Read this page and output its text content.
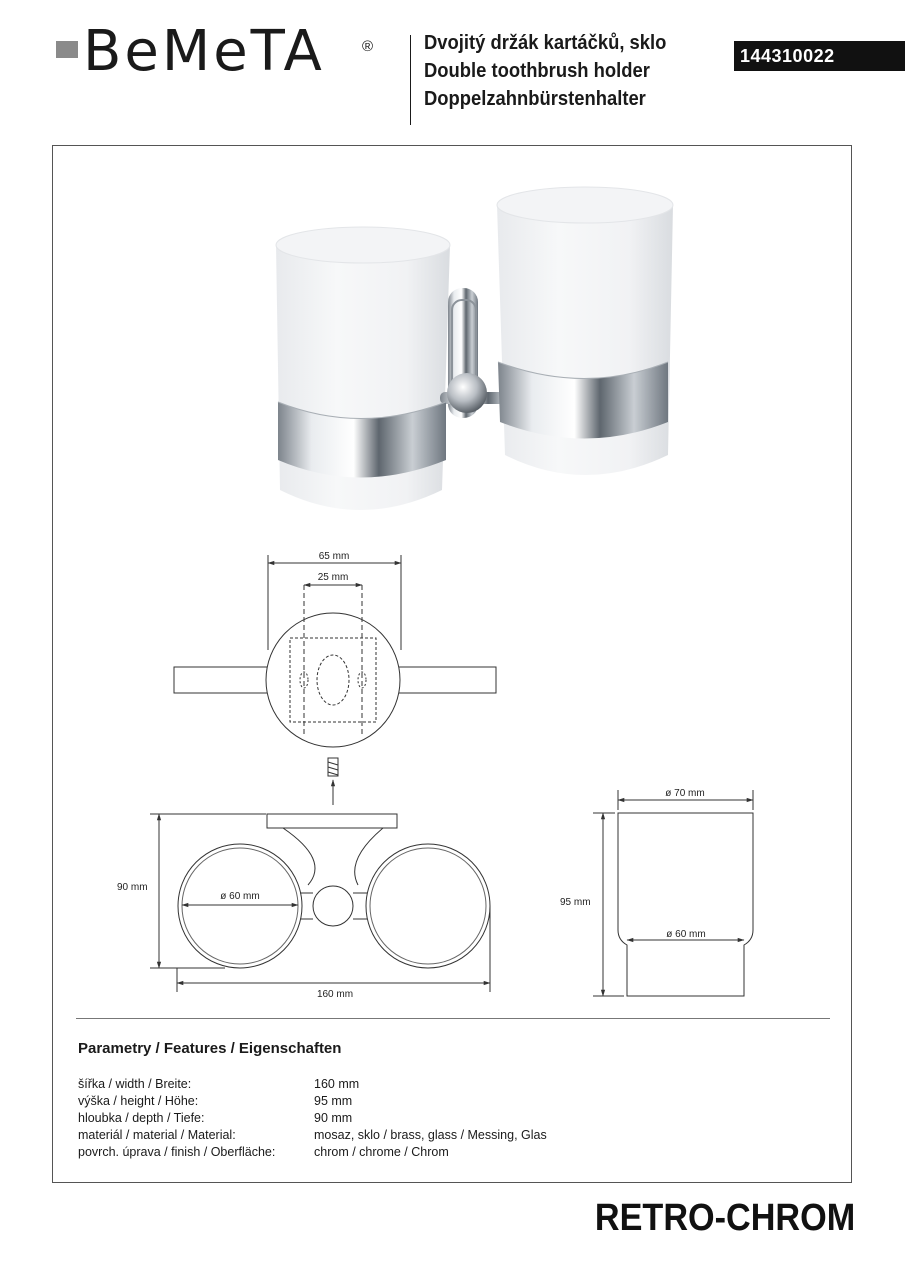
BeMeTA ®	Dvojitý držák kartáčků, sklo
Double toothbrush holder
Doppelzahnbürstenhalter
144310022
65 mm
25 mm
90 mm
ø 60 mm
160 mm
ø 70 mm
ø 60 mm
95 mm
Parametry / Features / Eigenschaften
šířka / width / Breite:	160 mm
výška / height / Höhe:	95 mm
hloubka / depth / Tiefe:	90 mm
materiál / material / Material:	mosaz, sklo / brass, glass / Messing, Glas
povrch. úprava / finish / Oberfläche:	chrom / chrome / Chrom
RETRO-CHROM
